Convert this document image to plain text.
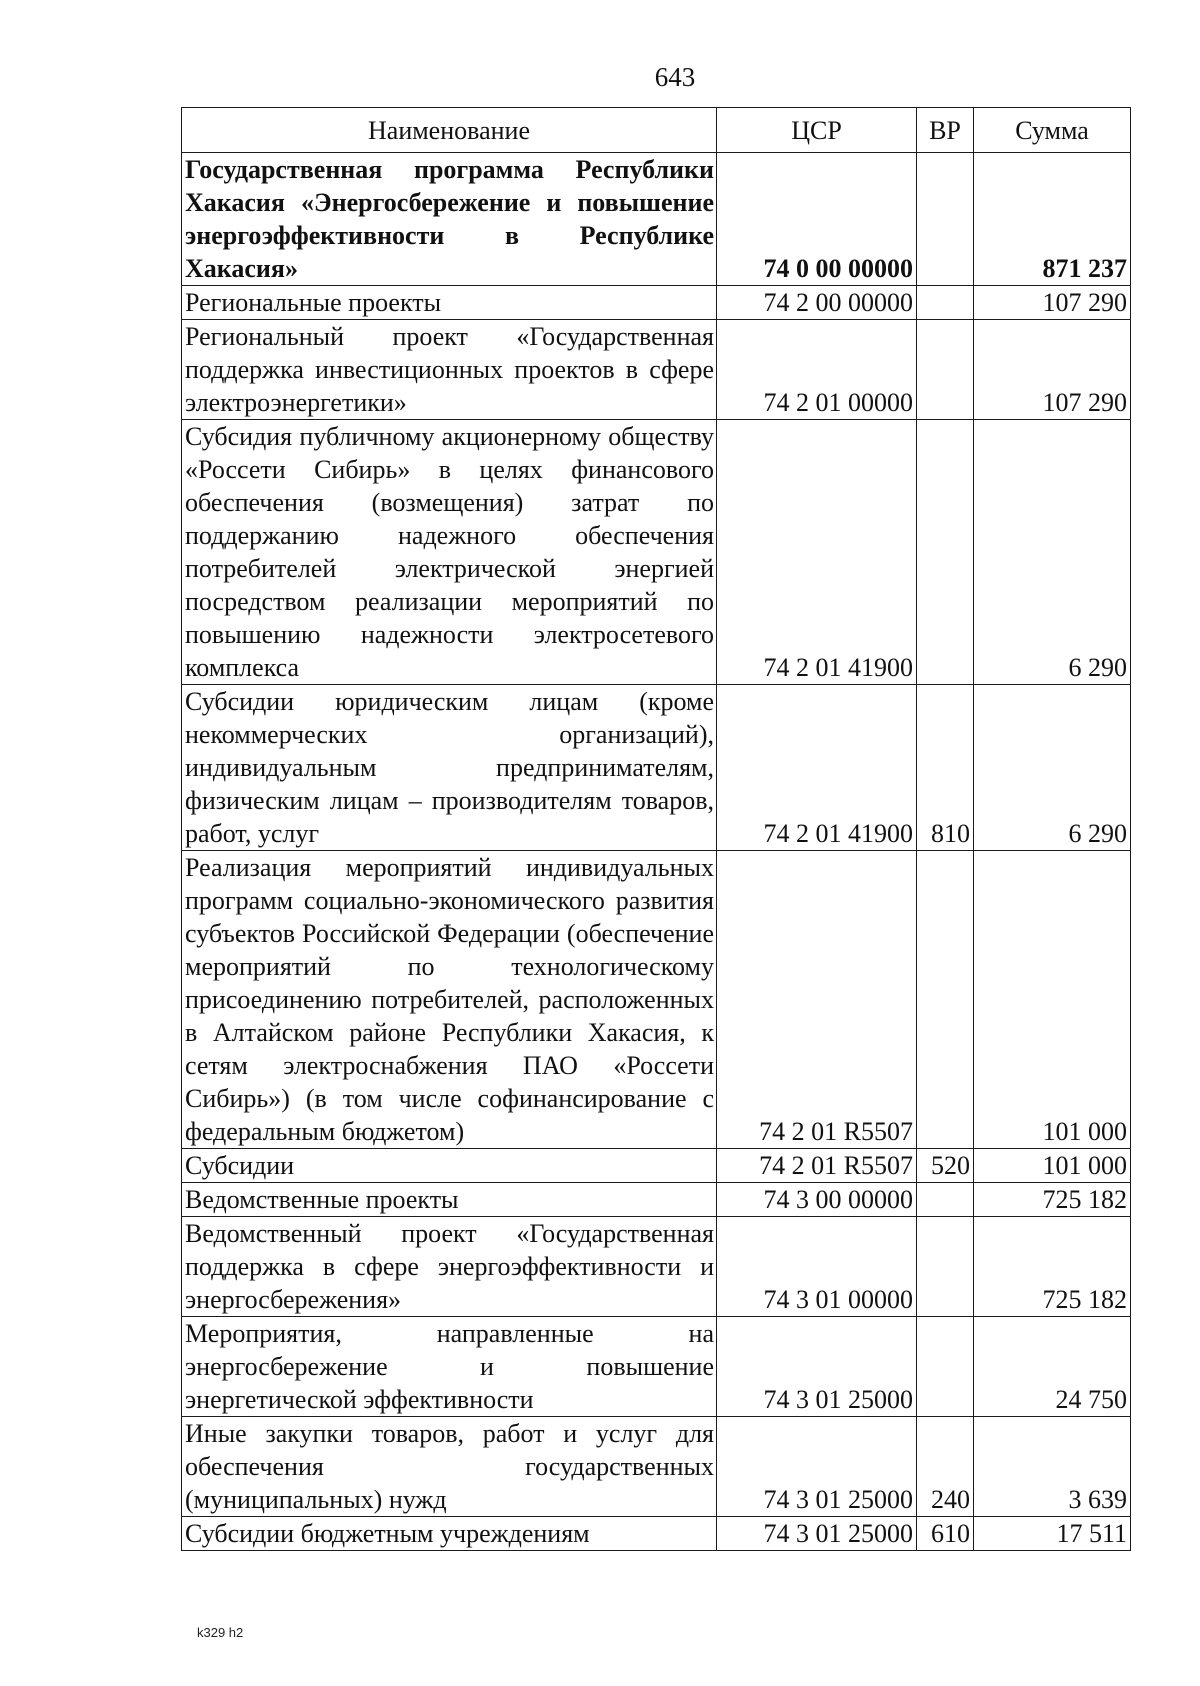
643
Наименование	ЦСР	ВР	Сумма
Государственная программа Республики Хакасия «Энергосбережение и повышение энергоэффективности в Республике Хакасия»	74 0 00 00000		871 237
Региональные проекты	74 2 00 00000		107 290
Региональный проект «Государственная поддержка инвестиционных проектов в сфере электроэнергетики»	74 2 01 00000		107 290
Субсидия публичному акционерному обществу «Россети Сибирь» в целях финансового обеспечения (возмещения) затрат по поддержанию надежного обеспечения потребителей электрической энергией посредством реализации мероприятий по повышению надежности электросетевого комплекса	74 2 01 41900		6 290
Субсидии юридическим лицам (кроме некоммерческих организаций), индивидуальным предпринимателям, физическим лицам – производителям товаров, работ, услуг	74 2 01 41900	810	6 290
Реализация мероприятий индивидуальных программ социально-экономического развития субъектов Российской Федерации (обеспечение мероприятий по технологическому присоединению потребителей, расположенных в Алтайском районе Республики Хакасия, к сетям электроснабжения ПАО «Россети Сибирь») (в том числе софинансирование с федеральным бюджетом)	74 2 01 R5507		101 000
Субсидии	74 2 01 R5507	520	101 000
Ведомственные проекты	74 3 00 00000		725 182
Ведомственный проект «Государственная поддержка в сфере энергоэффективности и энергосбережения»	74 3 01 00000		725 182
Мероприятия, направленные на энергосбережение и повышение энергетической эффективности	74 3 01 25000		24 750
Иные закупки товаров, работ и услуг для обеспечения государственных (муниципальных) нужд	74 3 01 25000	240	3 639
Субсидии бюджетным учреждениям	74 3 01 25000	610	17 511
k329 h2
